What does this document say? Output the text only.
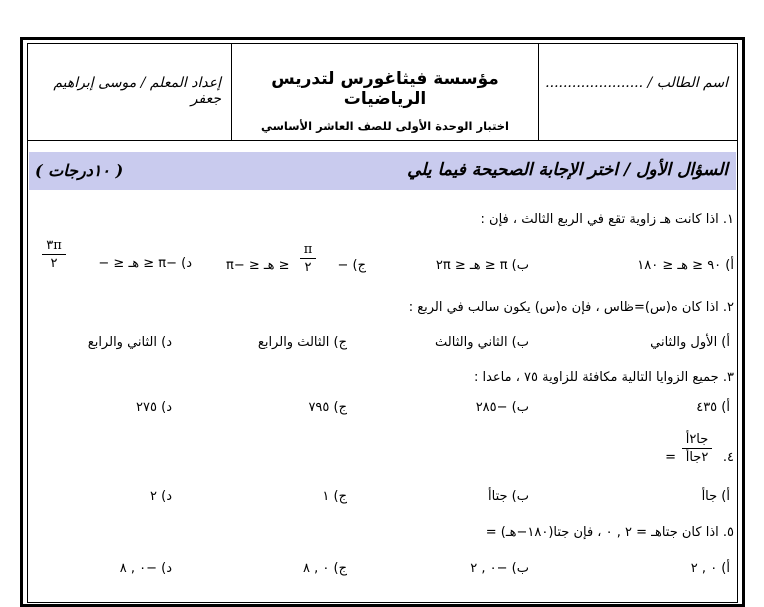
إعداد المعلم / موسى إبراهيم جعفر
مؤسسة فيثاغورس لتدريس الرياضيات
اختبار الوحدة الأولى للصف العاشر الأساسي
اسم الطالب / ......................
السؤال الأول / اختر الإجابة الصحيحة فيما يلي
( ١٠درجات )
١. اذا كانت هـ زاوية تقع في الربع الثالث ، فإن :
أ) ٩٠ ≤ هـ ≤ ١٨٠
ب) π ≤ هـ ≤ ٢π
ج) −
π
٢
≤ هـ ≤ −π
د) −π ≤ هـ ≤ −
٣π
٢
٢. اذا كان ه(س)=ظاس ، فإن ه(س) يكون سالب في الربع :
أ) الأول والثاني
ب) الثاني والثالث
ج) الثالث والرابع
د) الثاني والرابع
٣. جميع الزوايا التالية مكافئة للزاوية ٧٥ ، ماعدا :
أ) ٤٣٥
ب) −٢٨٥
ج) ٧٩٥
د) ٢٧٥
٤.
جا٢أ
٢جاأ
=
أ) جاأ
ب) جتاأ
ج) ١
د) ٢
٥. اذا كان جتاهـ = ٢ , ٠ ، فإن جتا(١٨٠−هـ) =
أ) ٠ , ٢
ب) −٠ , ٢
ج) ٠ , ٨
د) −٠ , ٨
